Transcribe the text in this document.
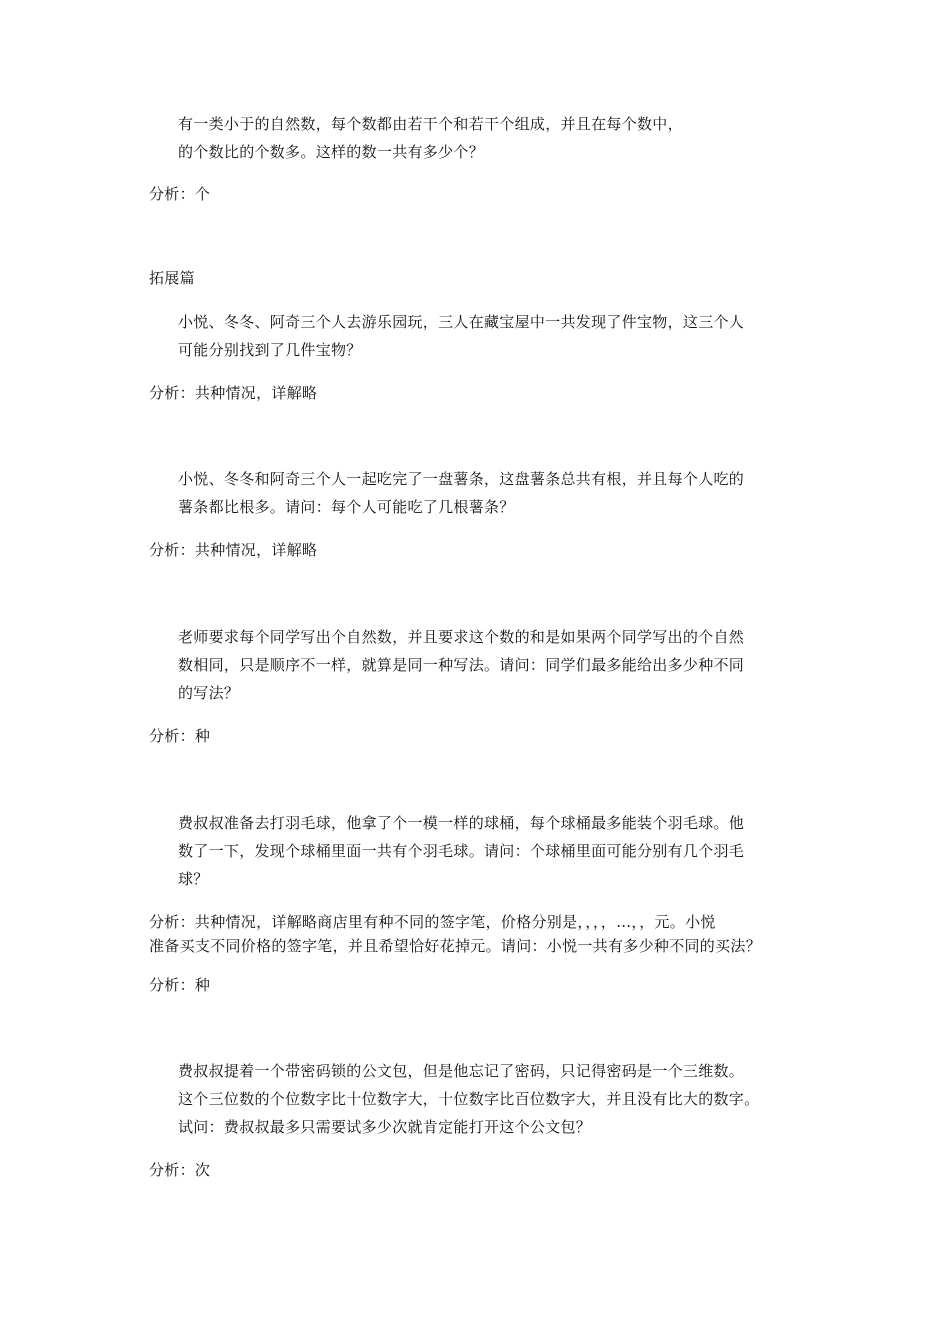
有一类小于的自然数，每个数都由若干个和若干个组成，并且在每个数中，
的个数比的个数多。这样的数一共有多少个？
分析：个
拓展篇
小悦、冬冬、阿奇三个人去游乐园玩，三人在藏宝屋中一共发现了件宝物，这三个人
可能分别找到了几件宝物？
分析：共种情况，详解略
小悦、冬冬和阿奇三个人一起吃完了一盘薯条，这盘薯条总共有根，并且每个人吃的
薯条都比根多。请问：每个人可能吃了几根薯条？
分析：共种情况，详解略
老师要求每个同学写出个自然数，并且要求这个数的和是如果两个同学写出的个自然
数相同，只是顺序不一样，就算是同一种写法。请问：同学们最多能给出多少种不同
的写法？
分析：种
费叔叔准备去打羽毛球，他拿了个一模一样的球桶，每个球桶最多能装个羽毛球。他
数了一下，发现个球桶里面一共有个羽毛球。请问：个球桶里面可能分别有几个羽毛
球？
分析：共种情况，详解略商店里有种不同的签字笔，价格分别是，，，，…，，元。小悦
准备买支不同价格的签字笔，并且希望恰好花掉元。请问：小悦一共有多少种不同的买法？
分析：种
费叔叔提着一个带密码锁的公文包，但是他忘记了密码，只记得密码是一个三维数。
这个三位数的个位数字比十位数字大，十位数字比百位数字大，并且没有比大的数字。
试问：费叔叔最多只需要试多少次就肯定能打开这个公文包？
分析：次
